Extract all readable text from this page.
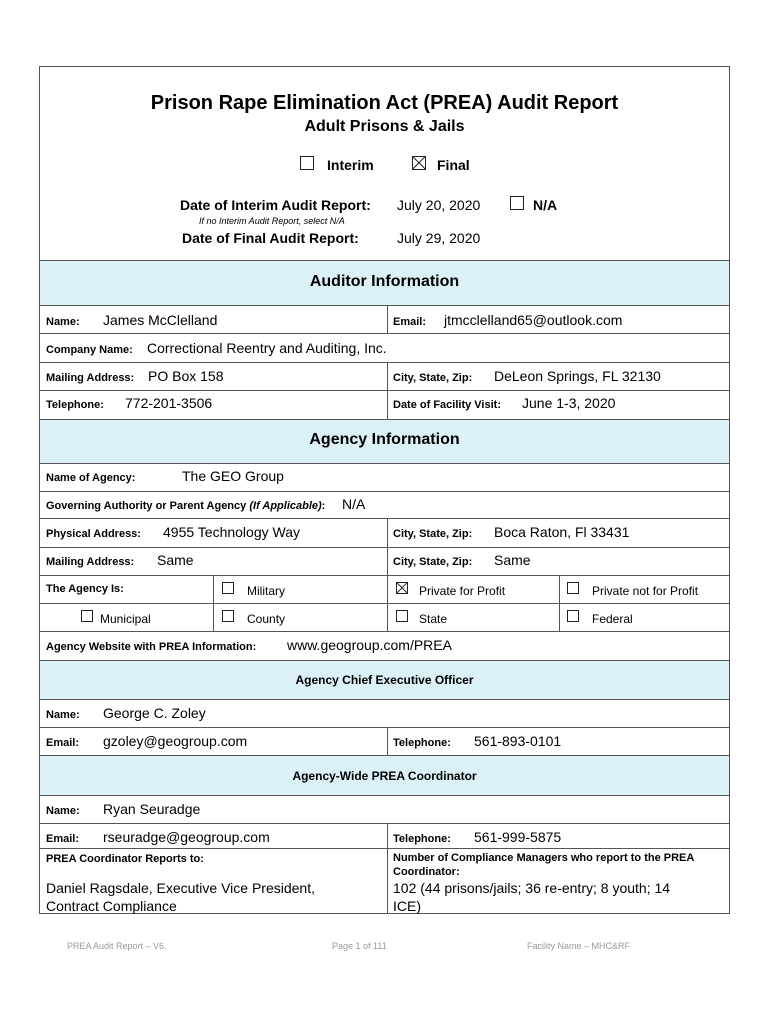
Prison Rape Elimination Act (PREA) Audit Report
Adult Prisons & Jails
Interim	Final
Date of Interim Audit Report: July 20, 2020	N/A
If no Interim Audit Report, select N/A
Date of Final Audit Report:	July 29, 2020
Auditor Information
Name: James McClelland	Email: jtmcclelland65@outlook.com
Company Name: Correctional Reentry and Auditing, Inc.
Mailing Address: PO Box 158	City, State, Zip: DeLeon Springs, FL 32130
Telephone: 772-201-3506	Date of Facility Visit: June 1-3, 2020
Agency Information
Name of Agency:	The GEO Group
Governing Authority or Parent Agency (If Applicable): N/A
Physical Address: 4955 Technology Way	City, State, Zip: Boca Raton, Fl 33431
Mailing Address: Same	City, State, Zip: Same
The Agency Is:	Military	Private for Profit	Private not for Profit
Municipal	County	State	Federal
Agency Website with PREA Information: www.geogroup.com/PREA
Agency Chief Executive Officer
Name: George C. Zoley
Email: gzoley@geogroup.com	Telephone: 561-893-0101
Agency-Wide PREA Coordinator
Name: Ryan Seuradge
Email: rseuradge@geogroup.com	Telephone: 561-999-5875
PREA Coordinator Reports to:
Daniel Ragsdale, Executive Vice President,
Contract Compliance
Number of Compliance Managers who report to the PREA
Coordinator:
102 (44 prisons/jails; 36 re-entry; 8 youth; 14
ICE)
PREA Audit Report – V6.	Page 1 of 111	Facility Name – MHC&RF
